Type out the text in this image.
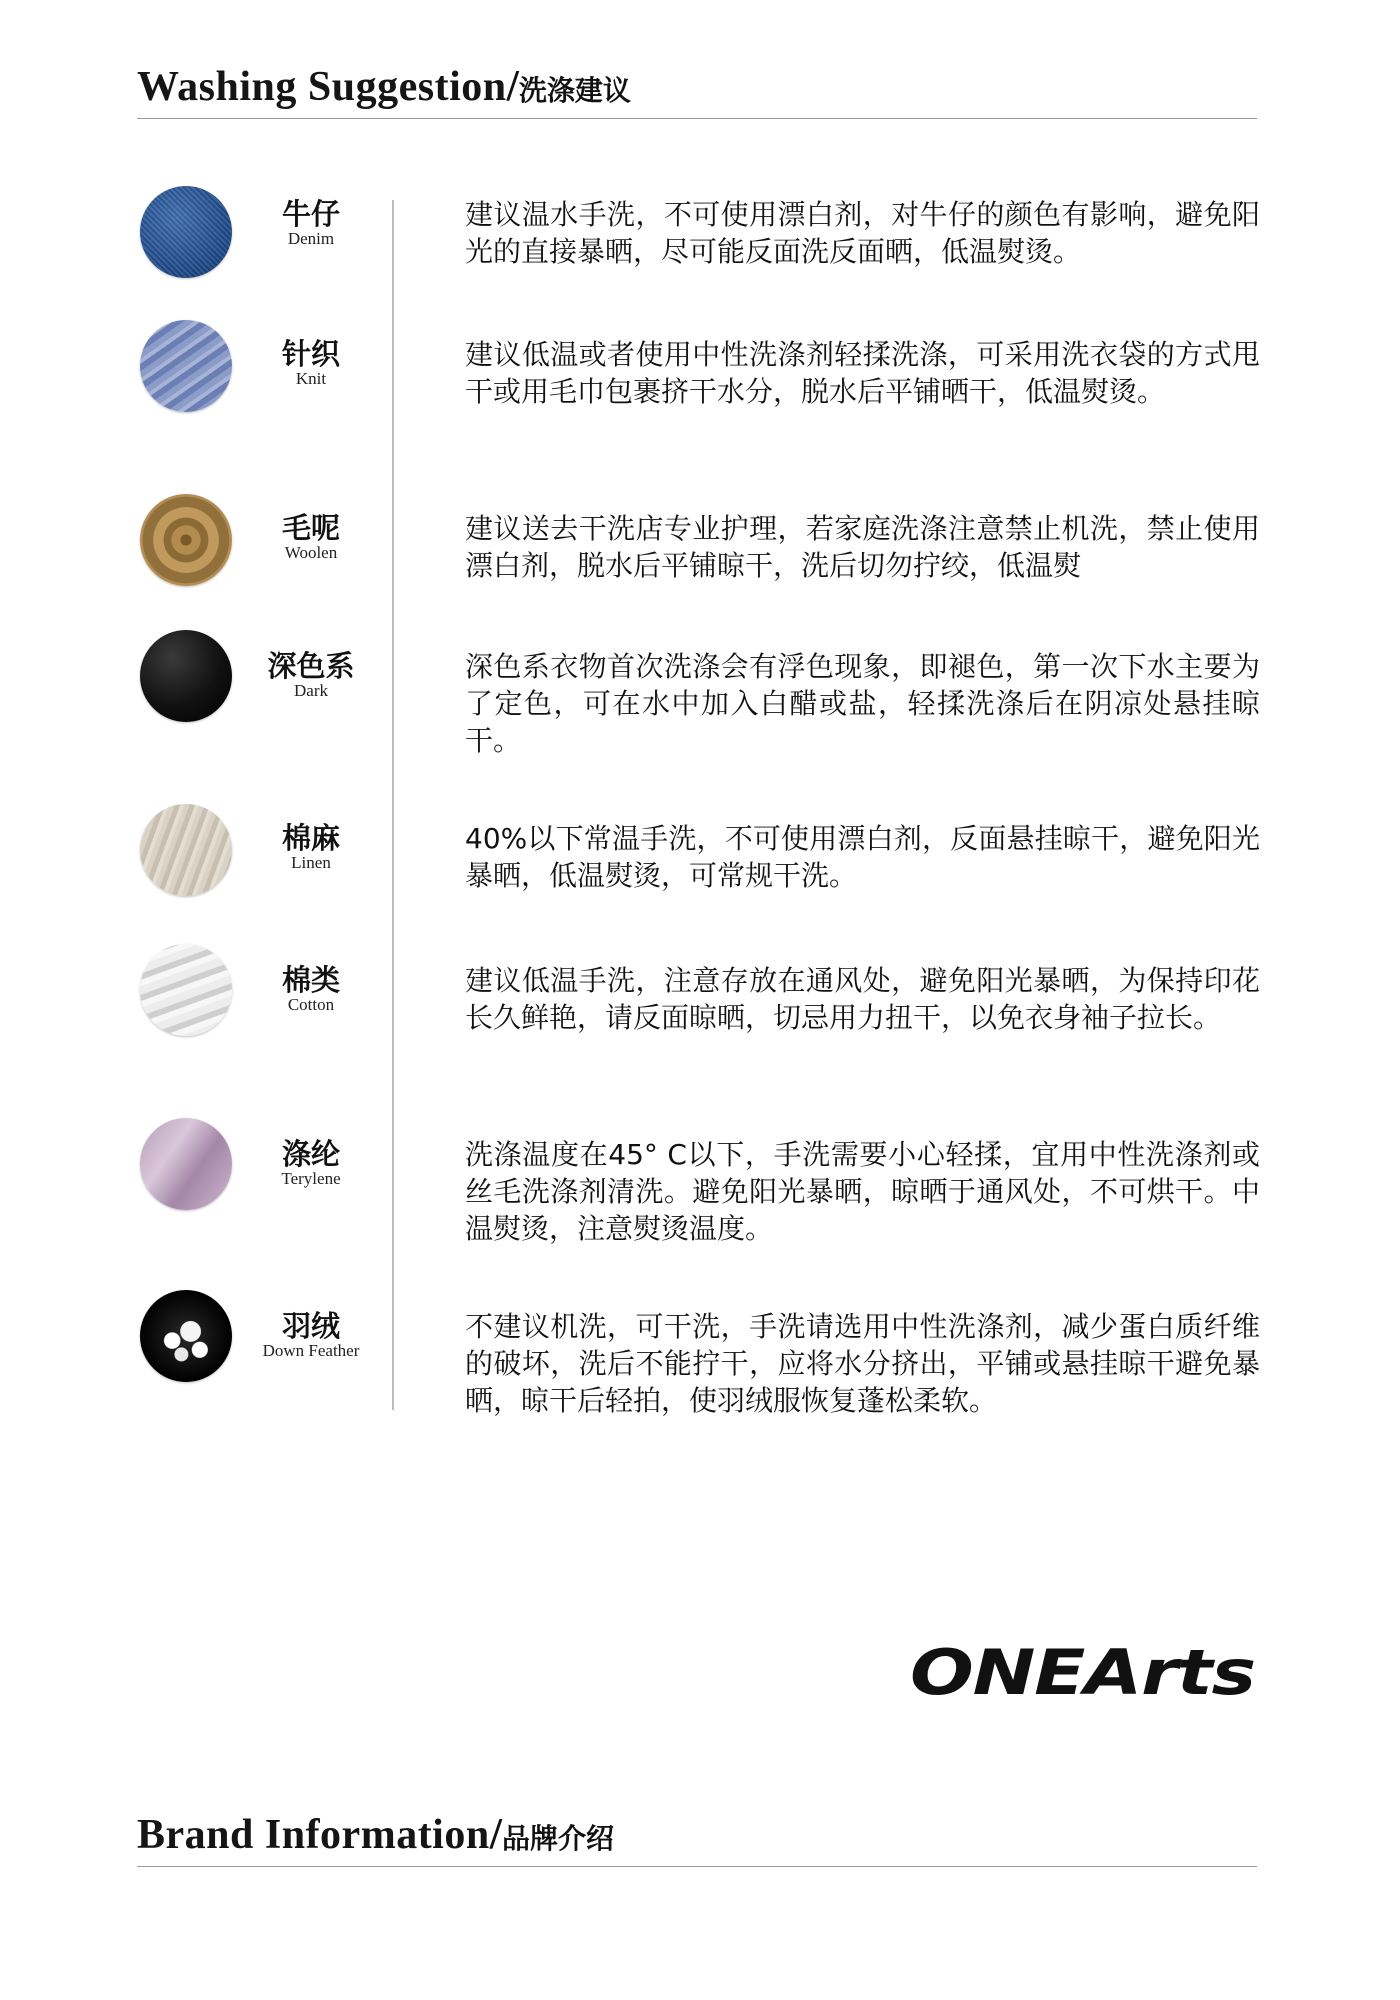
Washing Suggestion/洗涤建议
牛仔
Denim
建议温水手洗，不可使用漂白剂，对牛仔的颜色有影响，避免阳光的直接暴晒，尽可能反面洗反面晒，低温熨烫。
针织
Knit
建议低温或者使用中性洗涤剂轻揉洗涤，可采用洗衣袋的方式甩干或用毛巾包裹挤干水分，脱水后平铺晒干，低温熨烫。
毛呢
Woolen
建议送去干洗店专业护理，若家庭洗涤注意禁止机洗，禁止使用漂白剂，脱水后平铺晾干，洗后切勿拧绞，低温熨
深色系
Dark
深色系衣物首次洗涤会有浮色现象，即褪色，第一次下水主要为了定色，可在水中加入白醋或盐，轻揉洗涤后在阴凉处悬挂晾干。
棉麻
Linen
40%以下常温手洗，不可使用漂白剂，反面悬挂晾干，避免阳光暴晒，低温熨烫，可常规干洗。
棉类
Cotton
建议低温手洗，注意存放在通风处，避免阳光暴晒，为保持印花长久鲜艳，请反面晾晒，切忌用力扭干，以免衣身袖子拉长。
涤纶
Terylene
洗涤温度在45° C以下，手洗需要小心轻揉，宜用中性洗涤剂或丝毛洗涤剂清洗。避免阳光暴晒，晾晒于通风处，不可烘干。中温熨烫，注意熨烫温度。
羽绒
Down Feather
不建议机洗，可干洗，手洗请选用中性洗涤剂，减少蛋白质纤维的破坏，洗后不能拧干，应将水分挤出，平铺或悬挂晾干避免暴晒，晾干后轻拍，使羽绒服恢复蓬松柔软。
ONEArts
Brand Information/品牌介绍
